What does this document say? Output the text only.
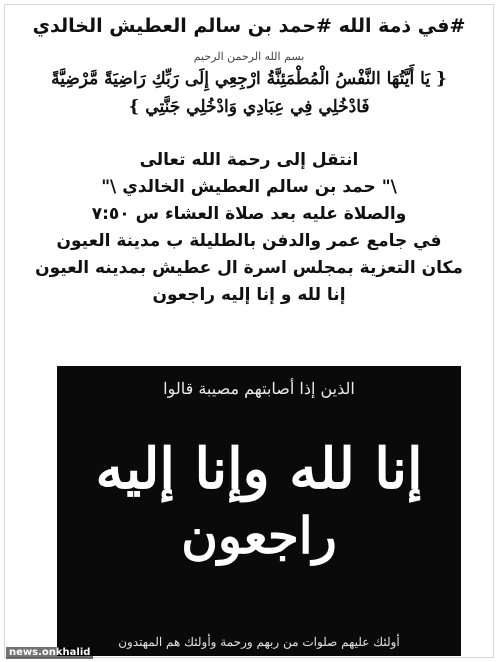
#في ذمة الله #حمد بن سالم العطيش الخالدي

بسم الله الرحمن الرحيم
{ يَا أَيَّتُهَا النَّفْسُ الْمُطْمَئِنَّةُ ارْجِعِي إِلَى رَبِّكِ رَاضِيَةً مَّرْضِيَّةً
فَادْخُلِي فِي عِبَادِي وَادْخُلِي جَنَّتِي }
انتقل إلى رحمة الله تعالى
\" حمد بن سالم العطيش الخالدي \"
والصلاة عليه بعد صلاة العشاء س ٧:٥٠
في جامع عمر والدفن بالطليلة ب مدينة العيون
مكان التعزية بمجلس اسرة ال عطيش بمدينه العيون
إنا لله و إنا إليه راجعون
الذين إذا أصابتهم مصيبة قالوا
إنا لله وإنا إليه
راجعون
أولئك عليهم صلوات من ربهم ورحمة وأولئك هم المهتدون
news.onkhalid
